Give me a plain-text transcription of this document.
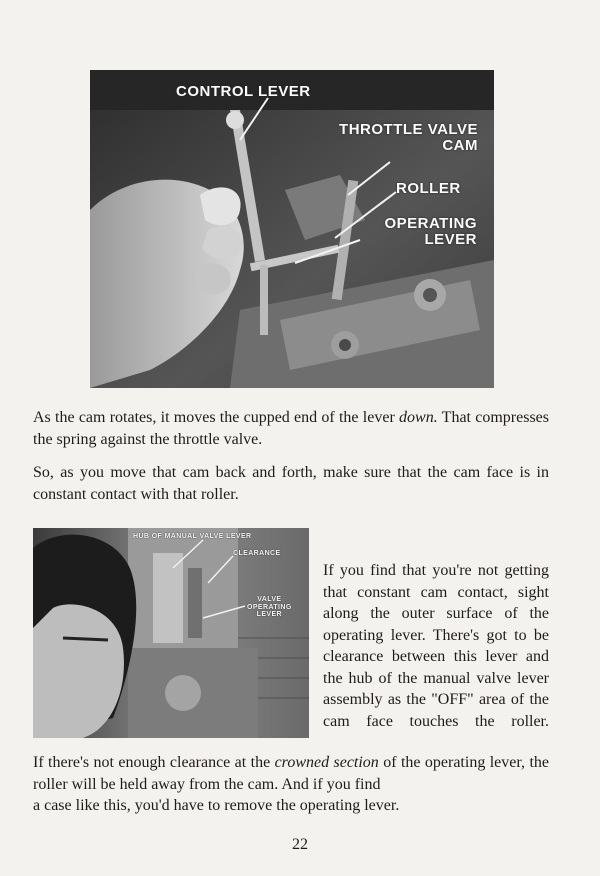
CONTROL LEVER
THROTTLE VALVE
CAM
ROLLER
OPERATING
LEVER

As the cam rotates, it moves the cupped end of the lever down. That compresses the spring against the throttle valve.

So, as you move that cam back and forth, make sure that the cam face is in constant contact with that roller.

HUB OF MANUAL VALVE LEVER
CLEARANCE
VALVE
OPERATING
LEVER
If you find that you're not getting that constant cam contact, sight along the outer surface of the operating lever. There's got to be clearance between this lever and the hub of the manual valve lever assembly as the "OFF" area of the cam face touches the roller.
If there's not enough clearance at the crowned section of the operating lever, the roller will be held away from the cam. And if you find
a case like this, you'd have to remove the operating lever.
22
